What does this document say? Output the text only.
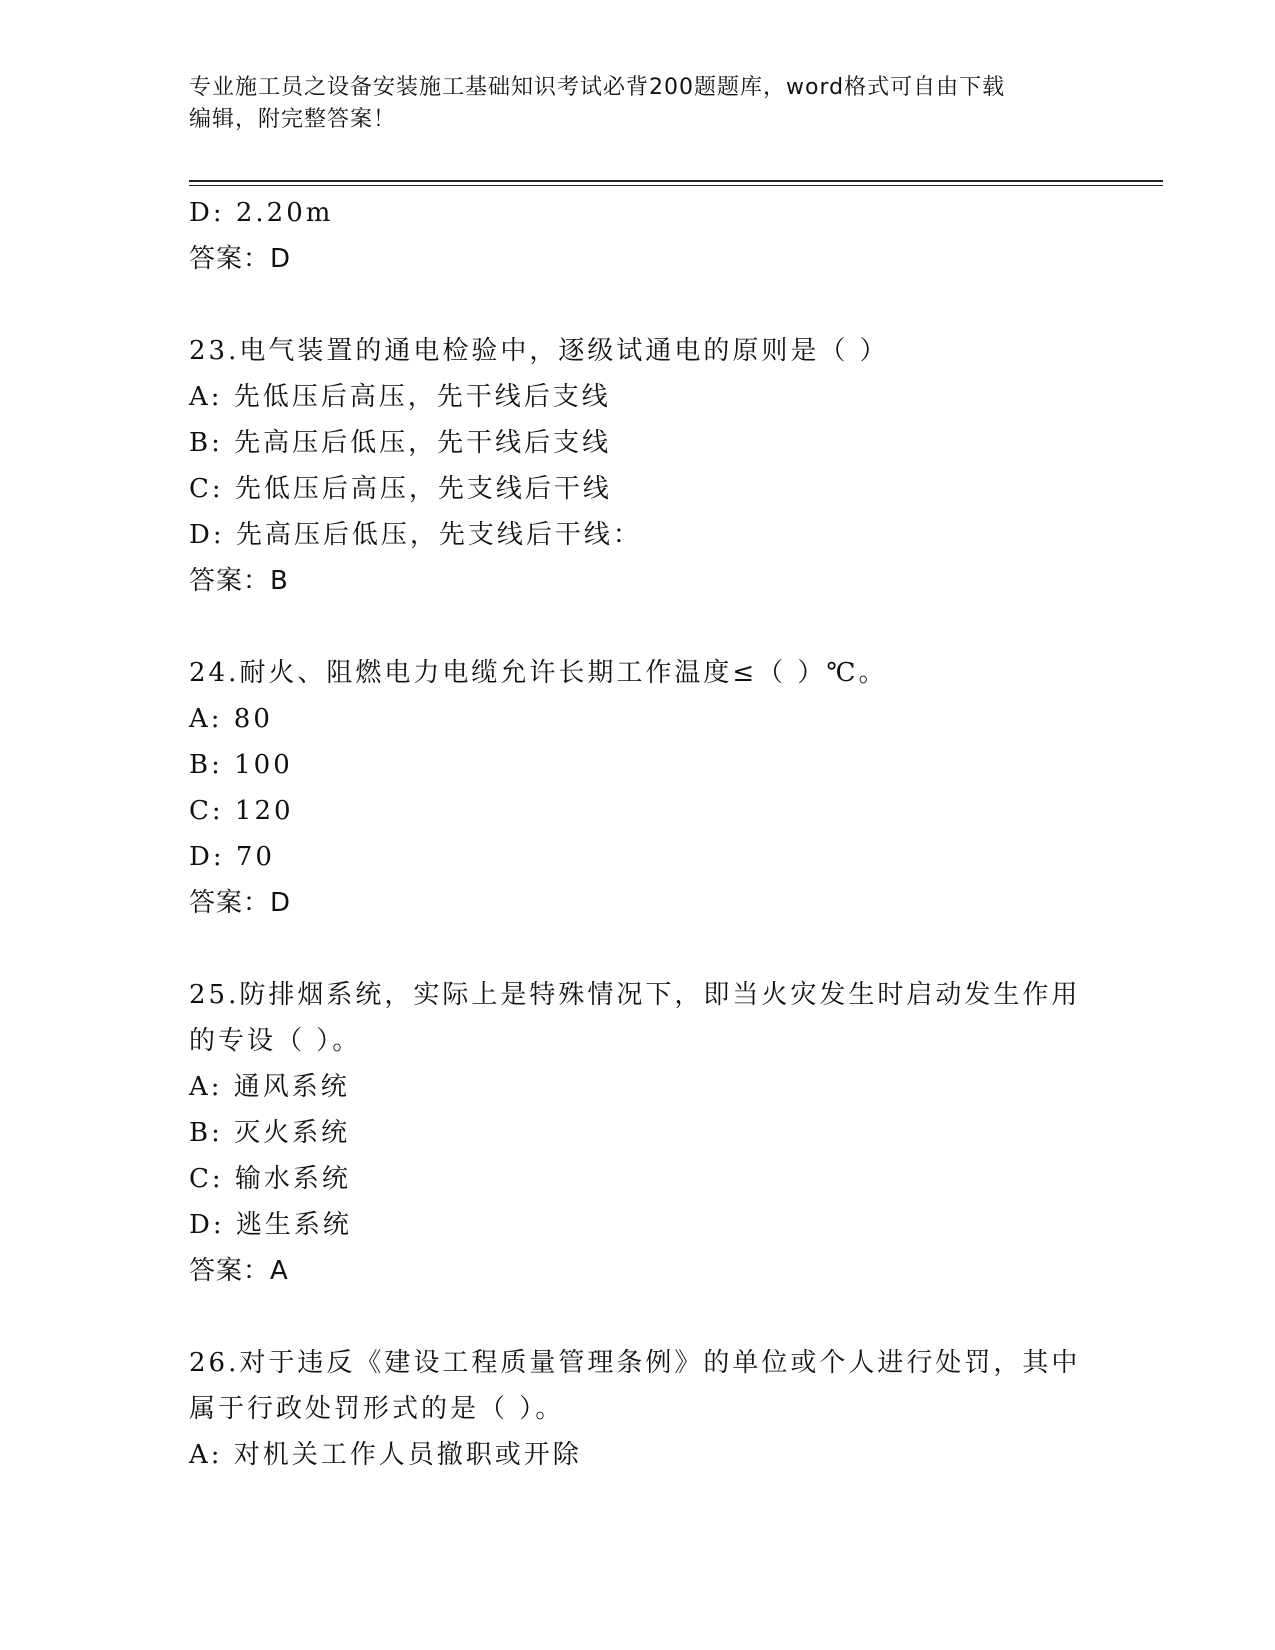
专业施工员之设备安装施工基础知识考试必背200题题库，word格式可自由下载
编辑，附完整答案！
D: 2.20m
答案：D
23.电气装置的通电检验中，逐级试通电的原则是（ ）
A: 先低压后高压，先干线后支线
B: 先高压后低压，先干线后支线
C: 先低压后高压，先支线后干线
D: 先高压后低压，先支线后干线：
答案：B
24.耐火、阻燃电力电缆允许长期工作温度≤（ ）℃。
A: 80
B: 100
C: 120
D: 70
答案：D
25.防排烟系统，实际上是特殊情况下，即当火灾发生时启动发生作用
的专设（ ）。
A: 通风系统
B: 灭火系统
C: 输水系统
D: 逃生系统
答案：A
26.对于违反《建设工程质量管理条例》的单位或个人进行处罚，其中
属于行政处罚形式的是（ ）。
A: 对机关工作人员撤职或开除
